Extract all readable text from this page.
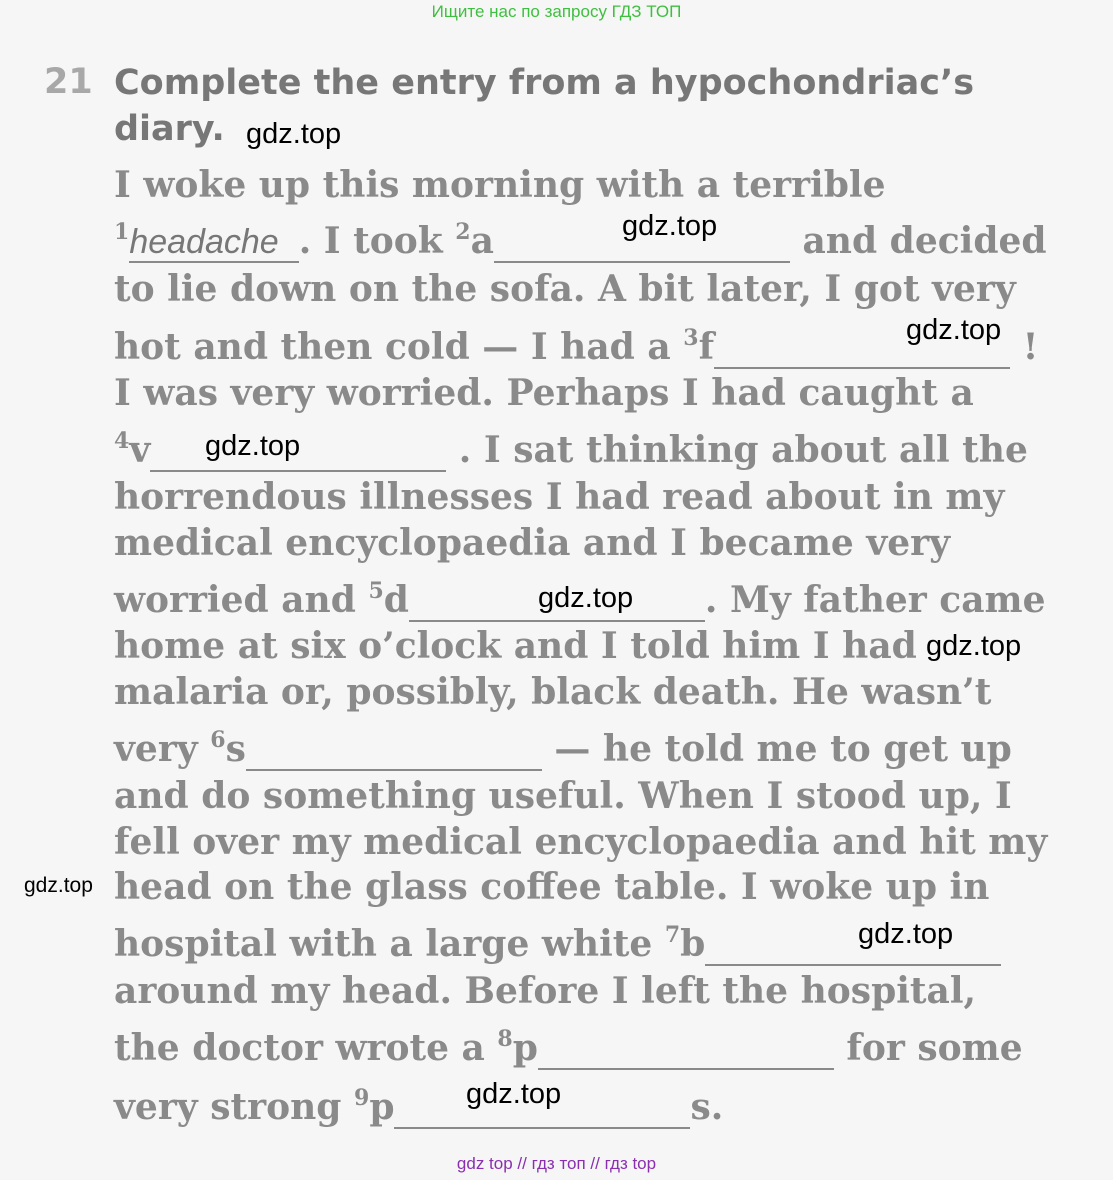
Ищите нас по запросу ГДЗ ТОП
21 Complete the entry from a hypochondriac’s diary.
I woke up this morning with a terrible
$^1$headache . I took $^2$a	and decided
to lie down on the sofa. A bit later, I got very
hot and then cold — I had a $^3$f	!
I was very worried. Perhaps I had caught a
$^4$v	. I sat thinking about all the
horrendous illnesses I had read about in my
medical encyclopaedia and I became very
worried and $^5$d	. My father came
home at six o’clock and I told him I had
malaria or, possibly, black death. He wasn’t
very $^6$s	— he told me to get up
and do something useful. When I stood up, I
fell over my medical encyclopaedia and hit my
head on the glass coffee table. I woke up in
hospital with a large white $^7$b
around my head. Before I left the hospital,
the doctor wrote a $^8$p	for some
very strong $^9$p	s.
gdz.top
gdz.top
gdz.top
gdz.top
gdz.top
gdz.top
gdz.top
gdz.top
gdz.top
gdz top // гдз топ // гдз top
